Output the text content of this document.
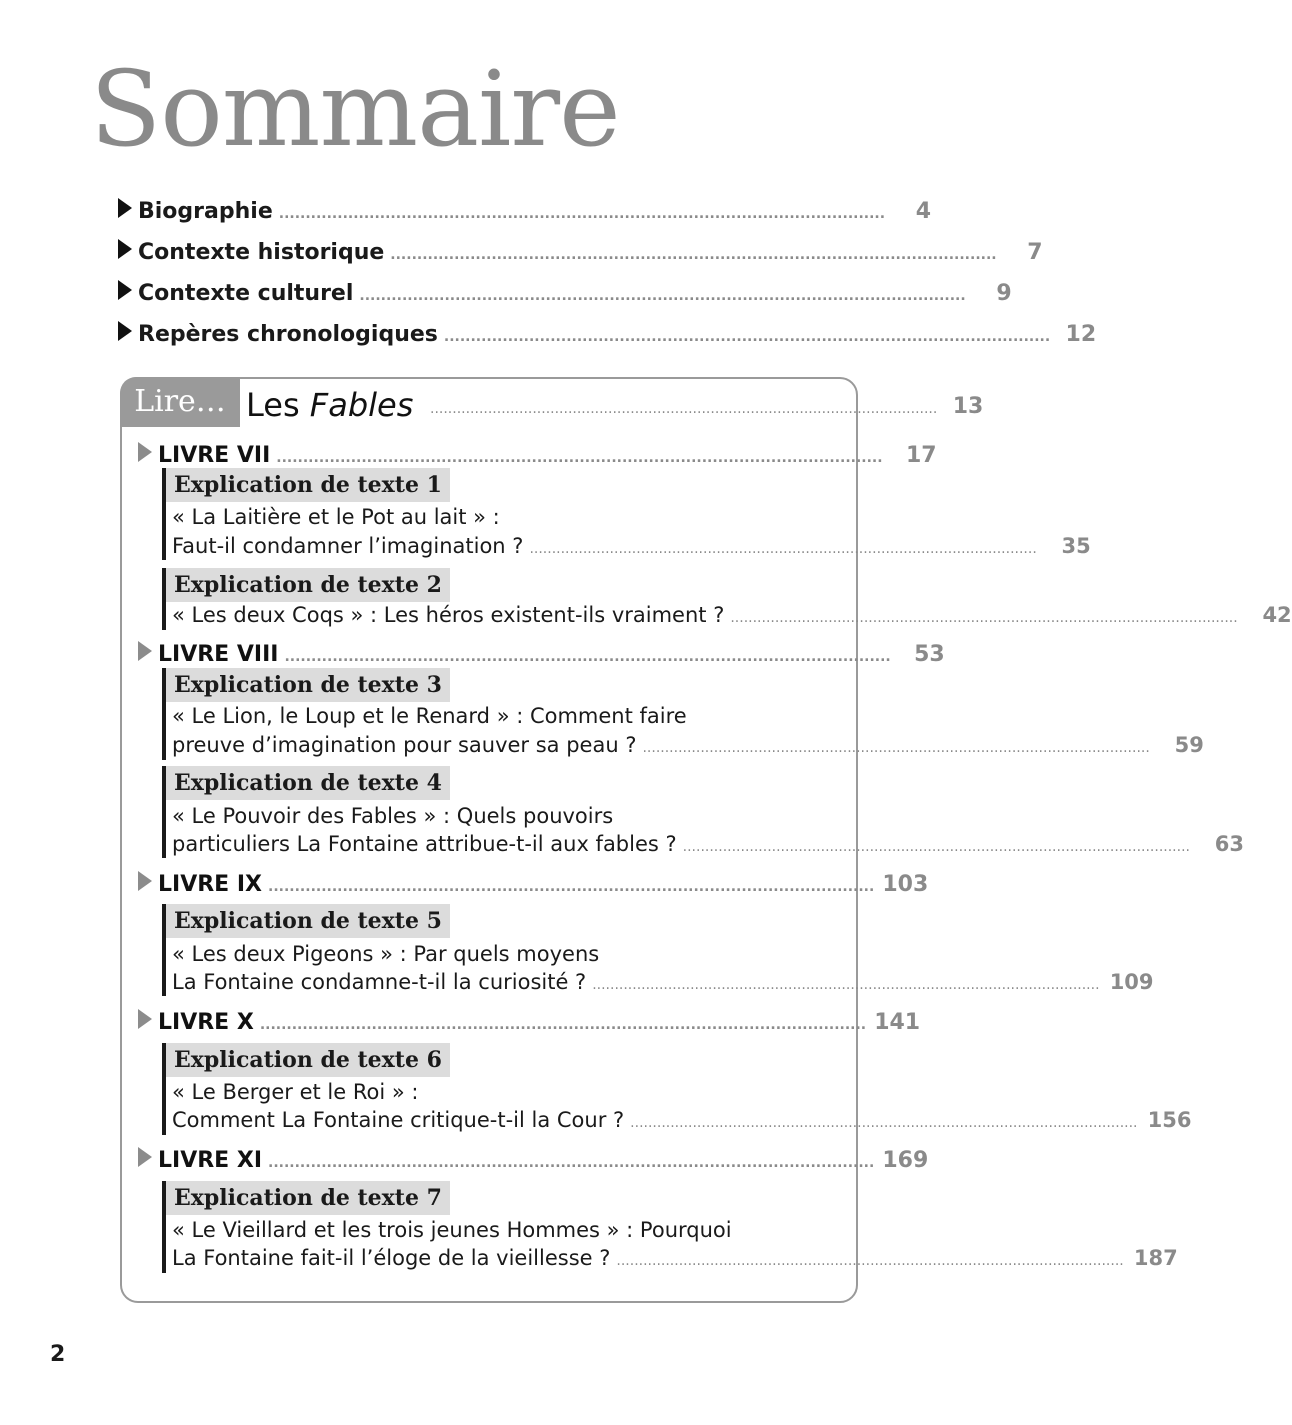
Sommaire
Biographie ..................................................................................................................	4
Contexte historique ..................................................................................................................	7
Contexte culturel ..................................................................................................................	9
Repères chronologiques .................................................................................................................. 12
Lire… Les Fables .................................................................................................................. 13
LIVRE VII ..................................................................................................................	17
Explication de texte 1
« La Laitière et le Pot au lait » :
Faut-il condamner l’imagination ? ..................................................................................................................	35
Explication de texte 2
« Les deux Coqs » : Les héros existent-ils vraiment ? ..................................................................................................................	42
LIVRE VIII ..................................................................................................................	53
Explication de texte 3
« Le Lion, le Loup et le Renard » : Comment faire
preuve d’imagination pour sauver sa peau ? ..................................................................................................................	59
Explication de texte 4
« Le Pouvoir des Fables » : Quels pouvoirs
particuliers La Fontaine attribue-t-il aux fables ? ..................................................................................................................	63
LIVRE IX .................................................................................................................. 103
Explication de texte 5
« Les deux Pigeons » : Par quels moyens
La Fontaine condamne-t-il la curiosité ? .................................................................................................................. 109
LIVRE X .................................................................................................................. 141
Explication de texte 6
« Le Berger et le Roi » :
Comment La Fontaine critique-t-il la Cour ? .................................................................................................................. 156
LIVRE XI .................................................................................................................. 169
Explication de texte 7
« Le Vieillard et les trois jeunes Hommes » : Pourquoi
La Fontaine fait-il l’éloge de la vieillesse ? .................................................................................................................. 187
2
